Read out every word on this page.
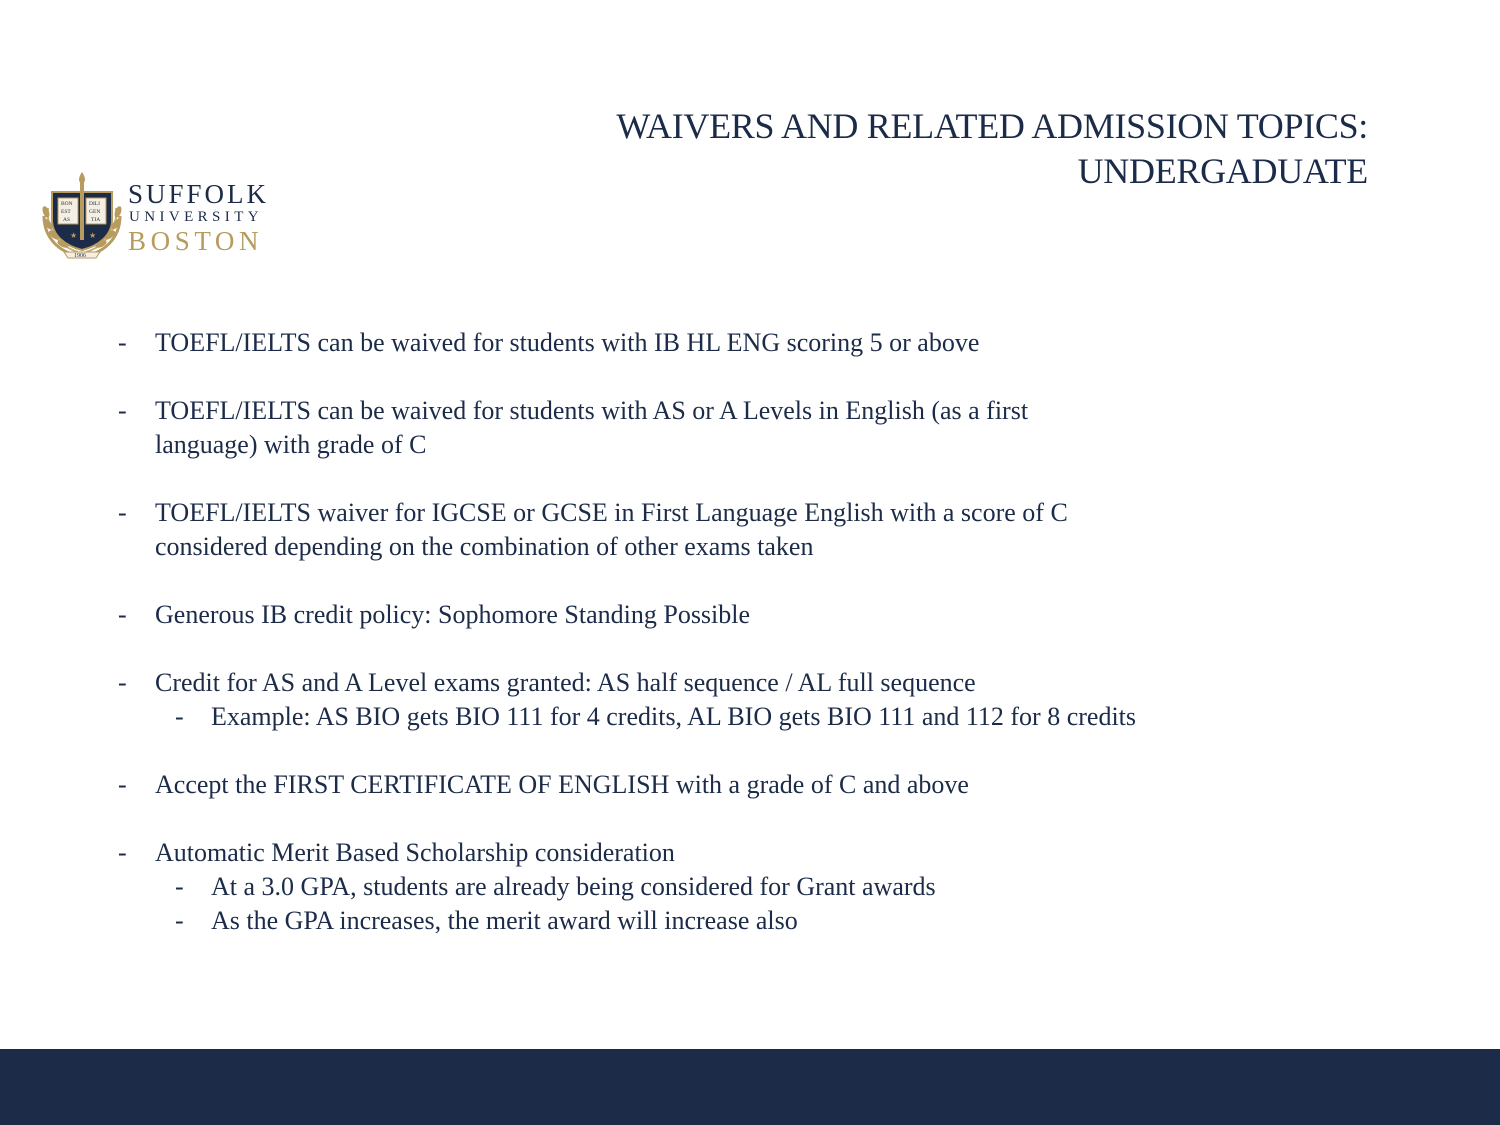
WAIVERS AND RELATED ADMISSION TOPICS:
UNDERGADUATE
★ ★
BON	DILI
EST	GEN
AS	TIA
1906
SUFFOLK
UNIVERSITY
BOSTON
-	TOEFL/IELTS can be waived for students with IB HL ENG scoring 5 or above
-	TOEFL/IELTS can be waived for students with AS or A Levels in English (as a first
language) with grade of C
-	TOEFL/IELTS waiver for IGCSE or GCSE in First Language English with a score of C
considered depending on the combination of other exams taken
-	Generous IB credit policy: Sophomore Standing Possible
-	Credit for AS and A Level exams granted: AS half sequence / AL full sequence
-	Example: AS BIO gets BIO 111 for 4 credits, AL BIO gets BIO 111 and 112 for 8 credits
-	Accept the FIRST CERTIFICATE OF ENGLISH with a grade of C and above
-	Automatic Merit Based Scholarship consideration
-	At a 3.0 GPA, students are already being considered for Grant awards
-	As the GPA increases, the merit award will increase also
